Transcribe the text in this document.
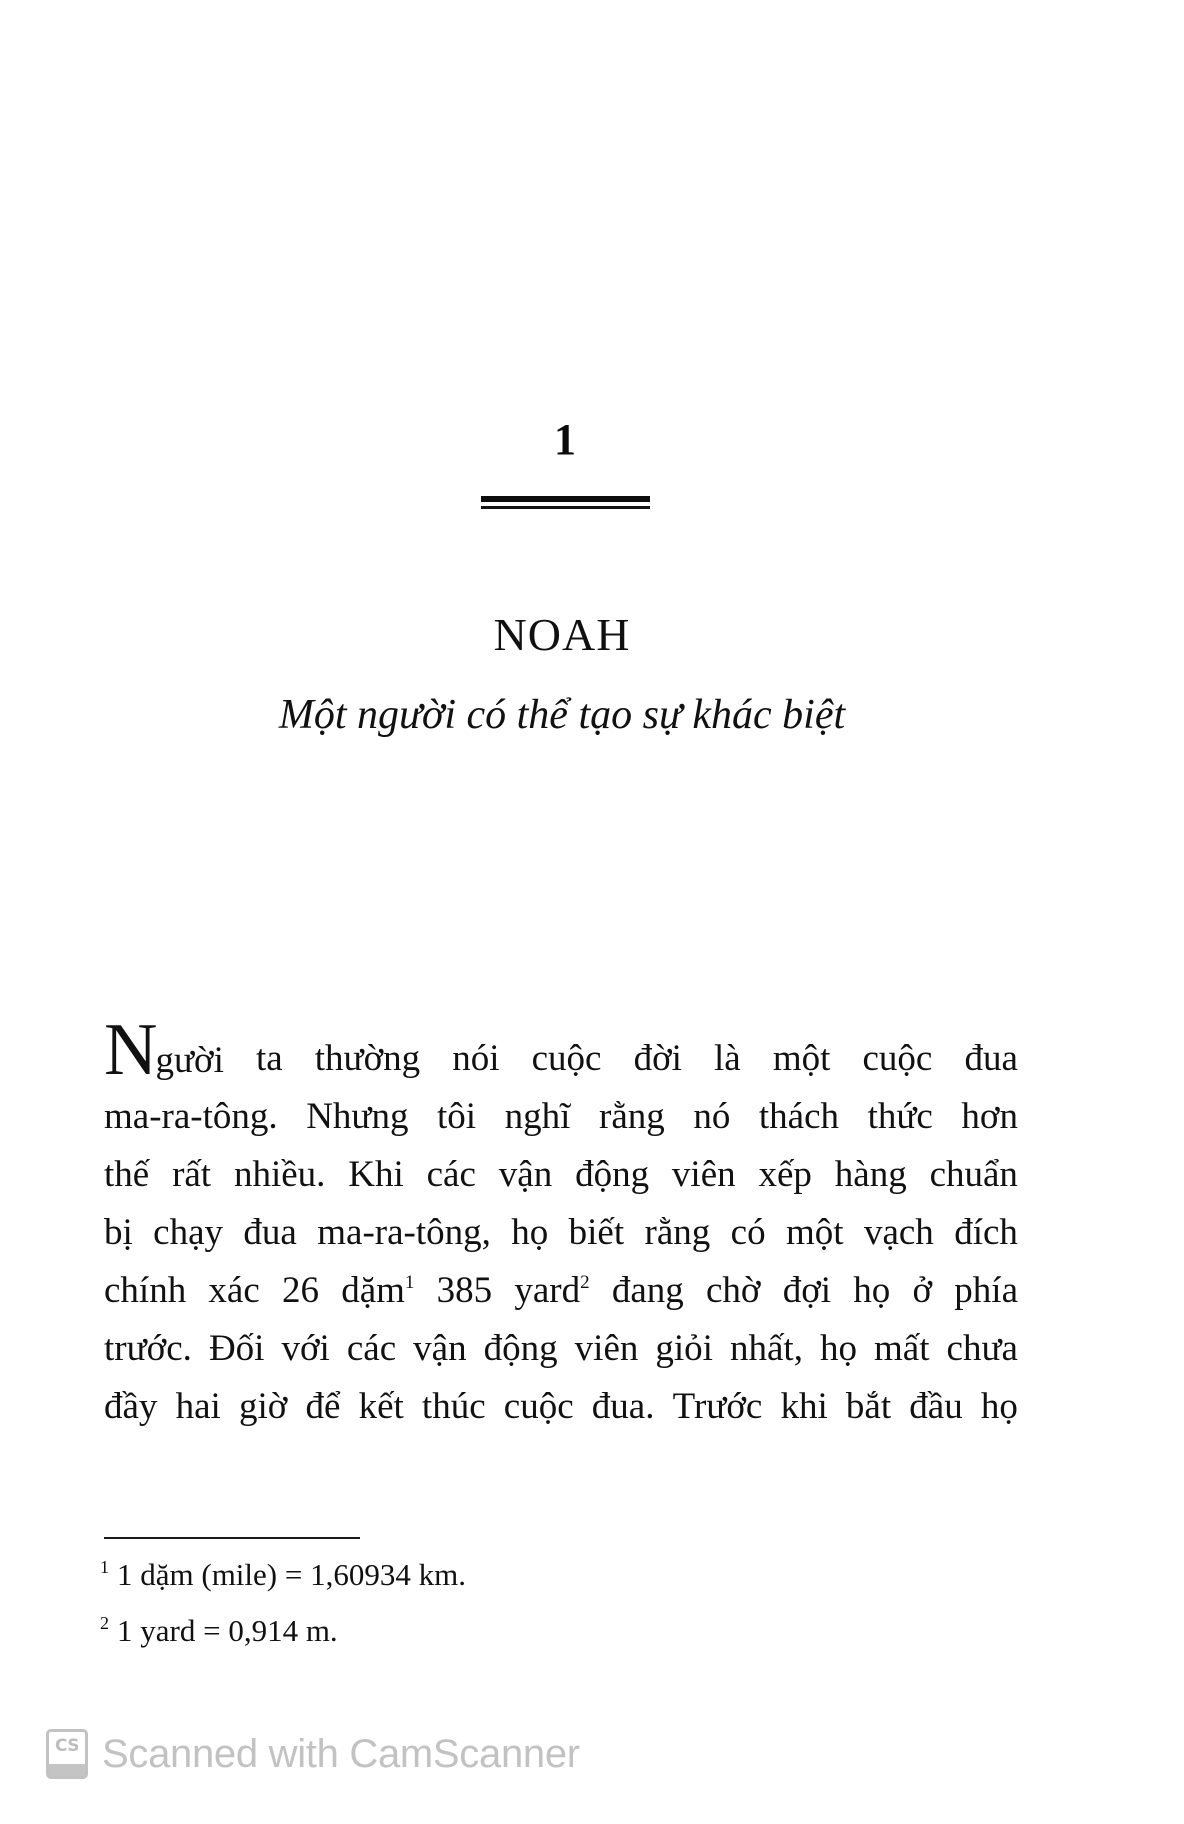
1
NOAH
Một người có thể tạo sự khác biệt
Người ta thường nói cuộc đời là một cuộc đua
ma-ra-tông. Nhưng tôi nghĩ rằng nó thách thức hơn
thế rất nhiều. Khi các vận động viên xếp hàng chuẩn
bị chạy đua ma-ra-tông, họ biết rằng có một vạch đích
chính xác 26 dặm$^1$ 385 yard$^2$ đang chờ đợi họ ở phía
trước. Đối với các vận động viên giỏi nhất, họ mất chưa
đầy hai giờ để kết thúc cuộc đua. Trước khi bắt đầu họ
$^1$ 1 dặm (mile) = 1,60934 km.
$^2$ 1 yard = 0,914 m.
CS Scanned with CamScanner
